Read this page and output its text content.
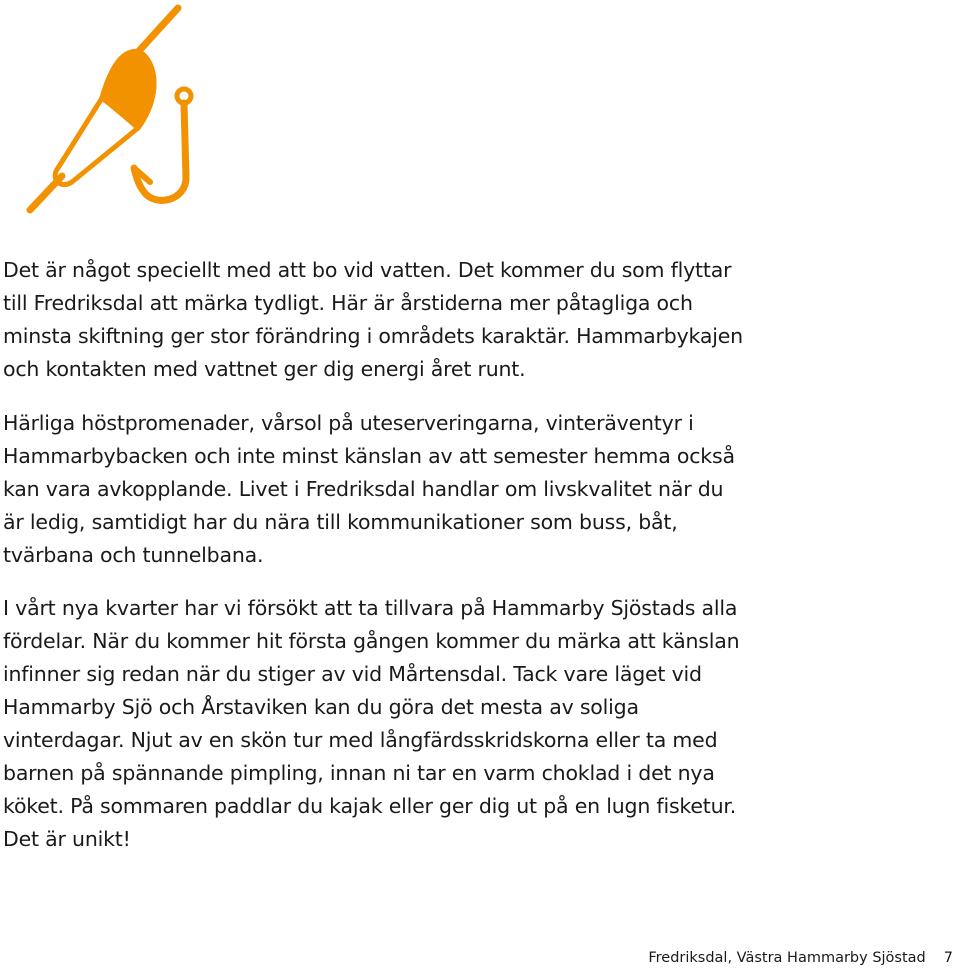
Det är något speciellt med att bo vid vatten. Det kommer du som flyttar till Fredriksdal att märka tydligt. Här är årstiderna mer påtagliga och minsta skiftning ger stor förändring i områdets karaktär. Hammarbykajen och kontakten med vattnet ger dig energi året runt.

Härliga höstpromenader, vårsol på uteserveringarna, vinteräventyr i Hammarbybacken och inte minst känslan av att semester hemma också kan vara avkopplande. Livet i Fredriksdal handlar om livskvalitet när du är ledig, samtidigt har du nära till kommunikationer som buss, båt, tvärbana och tunnelbana.

I vårt nya kvarter har vi försökt att ta tillvara på Hammarby Sjöstads alla fördelar. När du kommer hit första gången kommer du märka att känslan infinner sig redan när du stiger av vid Mårtensdal. Tack vare läget vid Hammarby Sjö och Årstaviken kan du göra det mesta av soliga vinterdagar. Njut av en skön tur med långfärdsskridskorna eller ta med barnen på spännande pimpling, innan ni tar en varm choklad i det nya köket. På sommaren paddlar du kajak eller ger dig ut på en lugn fisketur. Det är unikt!

Fredriksdal, Västra Hammarby Sjöstad 7
